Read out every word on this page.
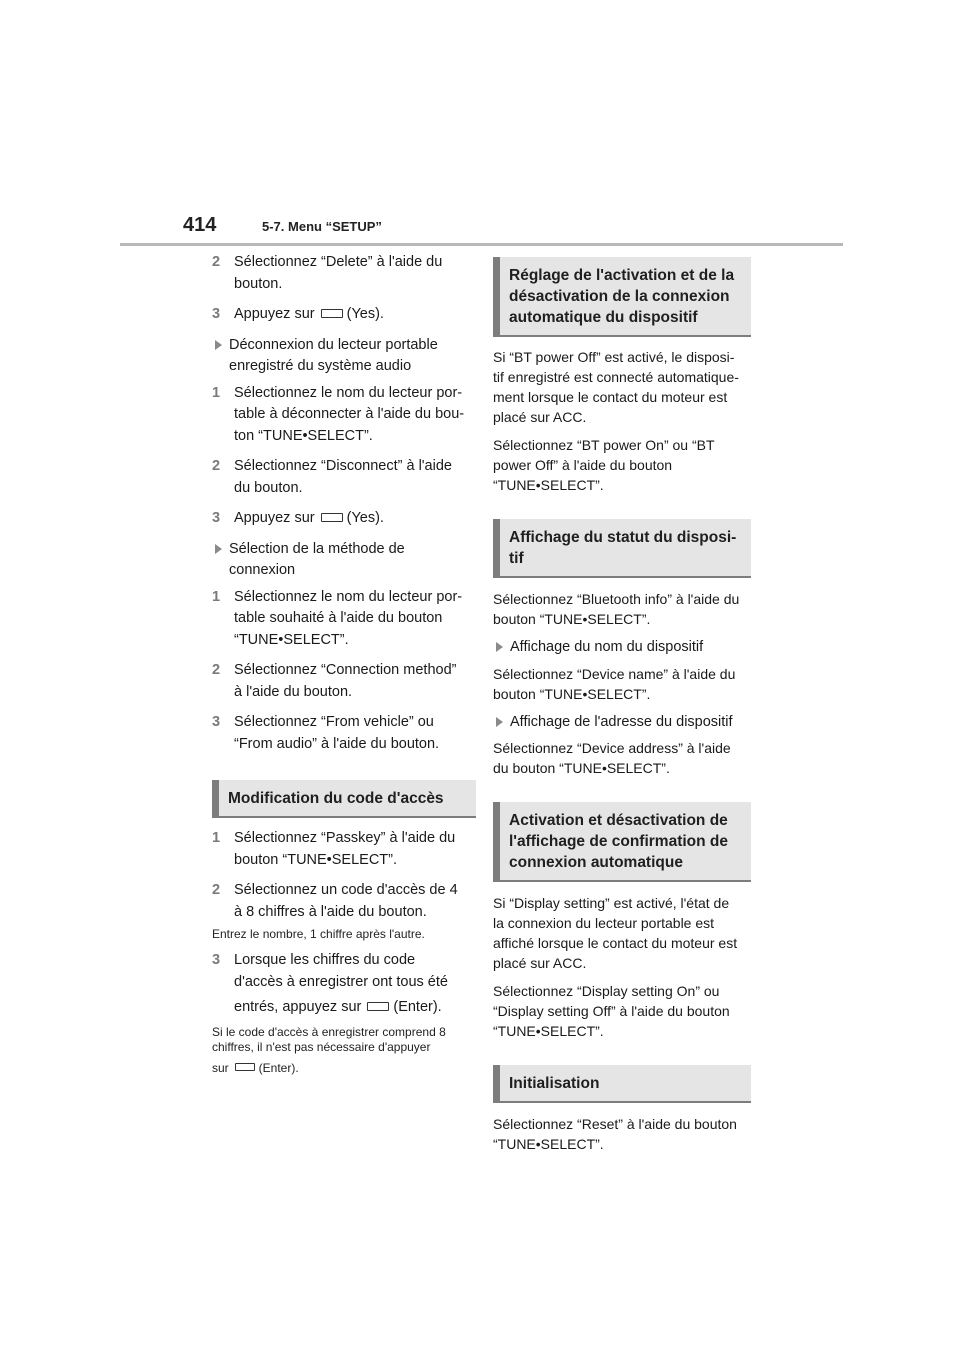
414	5-7. Menu “SETUP”
2 Sélectionnez “Delete” à l'aide du

bouton.

3 Appuyez sur (Yes).

Déconnexion du lecteur portable

enregistré du système audio

1 Sélectionnez le nom du lecteur por-

table à déconnecter à l'aide du bou-

ton “TUNE•SELECT”.

2 Sélectionnez “Disconnect” à l'aide

du bouton.

3 Appuyez sur (Yes).

Sélection de la méthode de

connexion

1 Sélectionnez le nom du lecteur por-

table souhaité à l'aide du bouton

“TUNE•SELECT”.

2 Sélectionnez “Connection method”

à l'aide du bouton.

3 Sélectionnez “From vehicle” ou

“From audio” à l'aide du bouton.

Modification du code d'accès
1 Sélectionnez “Passkey” à l'aide du

bouton “TUNE•SELECT”.

2 Sélectionnez un code d'accès de 4

à 8 chiffres à l'aide du bouton.

Entrez le nombre, 1 chiffre après l'autre.

3 Lorsque les chiffres du code

d'accès à enregistrer ont tous été

entrés, appuyez sur (Enter).

Si le code d'accès à enregistrer comprend 8
chiffres, il n'est pas nécessaire d'appuyer
sur	(Enter).
Réglage de l'activation et de la
désactivation de la connexion
automatique du dispositif
Si “BT power Off” est activé, le disposi-
tif enregistré est connecté automatique-
ment lorsque le contact du moteur est
placé sur ACC.
Sélectionnez “BT power On” ou “BT
power Off” à l'aide du bouton
“TUNE•SELECT”.
Affichage du statut du disposi-
tif
Sélectionnez “Bluetooth info” à l'aide du
bouton “TUNE•SELECT”.

Affichage du nom du dispositif

Sélectionnez “Device name” à l'aide du
bouton “TUNE•SELECT”.

Affichage de l'adresse du dispositif

Sélectionnez “Device address” à l'aide
du bouton “TUNE•SELECT”.
Activation et désactivation de
l'affichage de confirmation de
connexion automatique
Si “Display setting” est activé, l'état de
la connexion du lecteur portable est
affiché lorsque le contact du moteur est
placé sur ACC.
Sélectionnez “Display setting On” ou
“Display setting Off” à l'aide du bouton
“TUNE•SELECT”.
Initialisation
Sélectionnez “Reset” à l'aide du bouton
“TUNE•SELECT”.
